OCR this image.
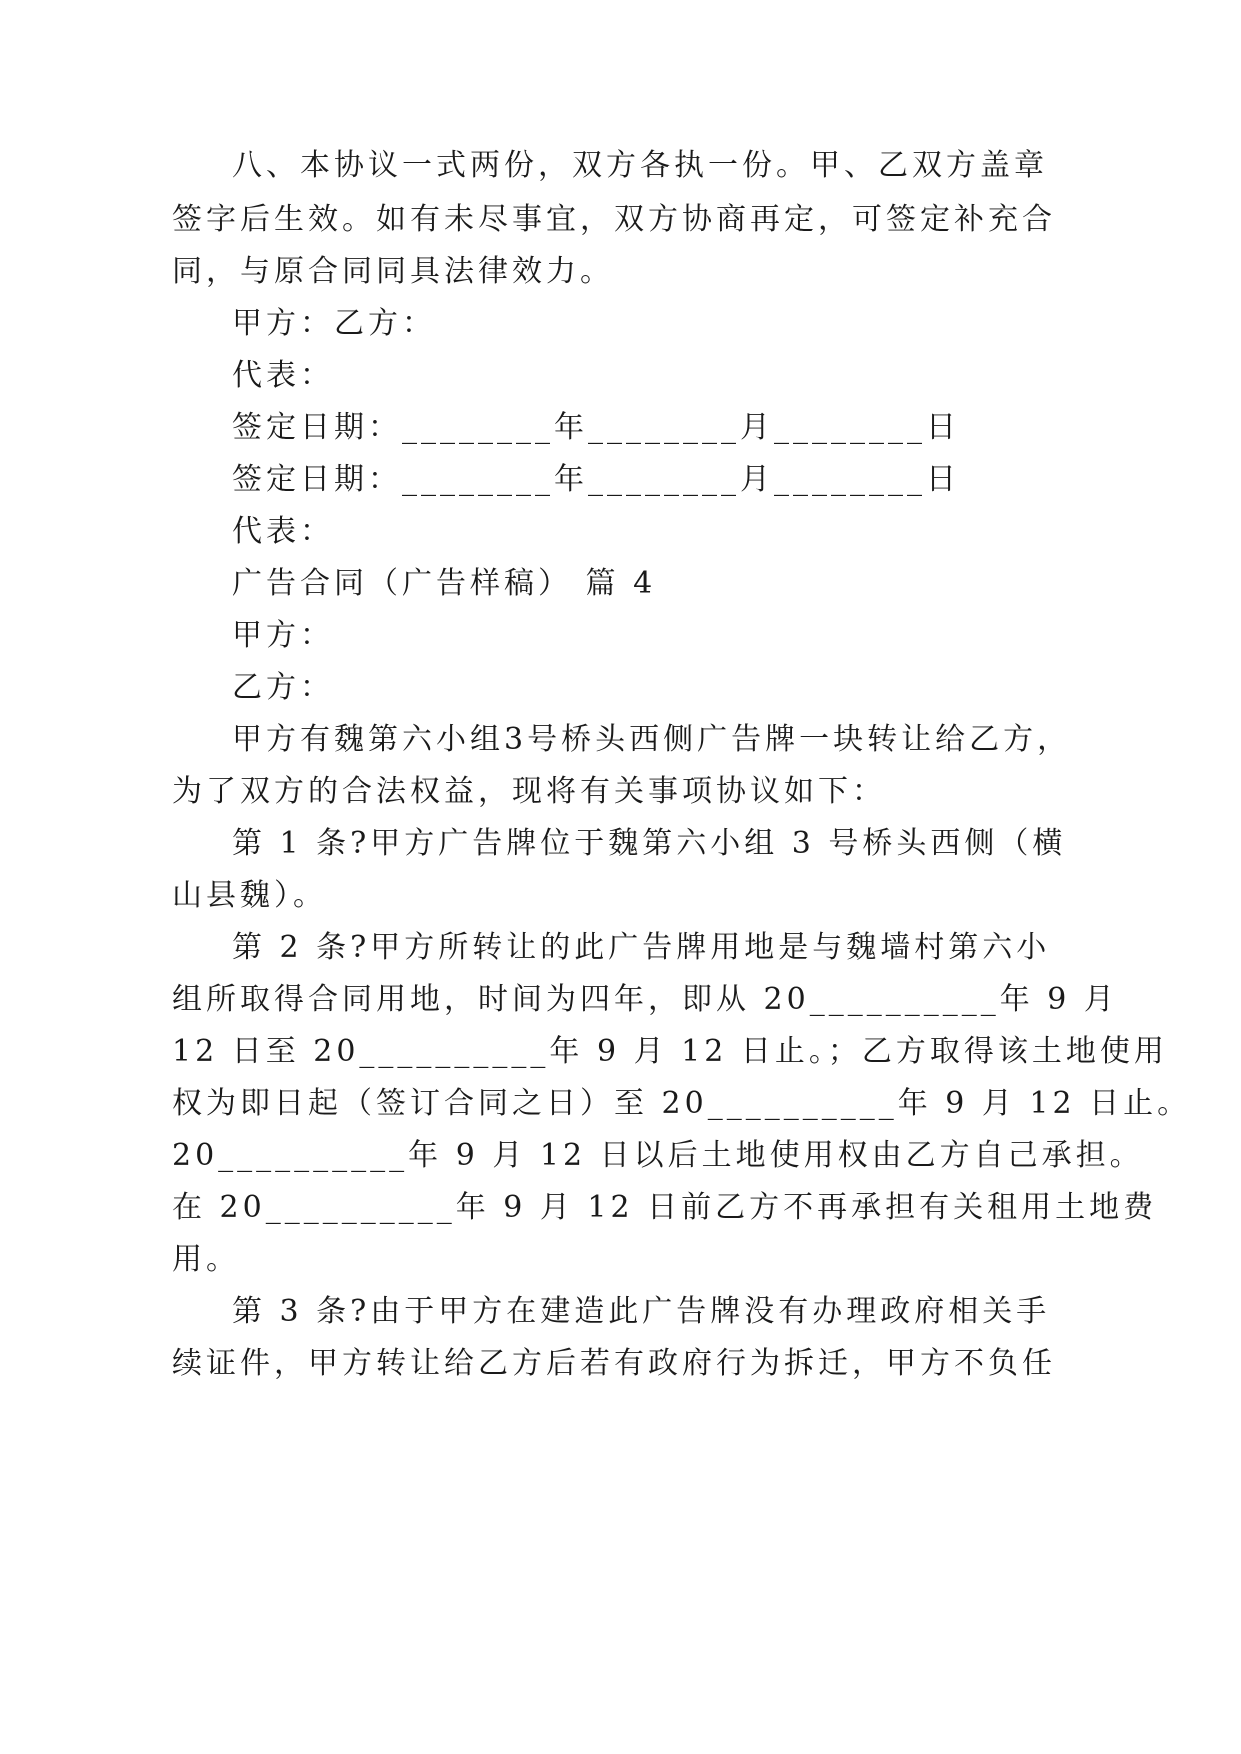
八、本协议一式两份，双方各执一份。甲、乙双方盖章
签字后生效。如有未尽事宜，双方协商再定，可签定补充合
同，与原合同同具法律效力。
甲方：乙方：
代表：
签定日期：________年________月________日
签定日期：________年________月________日
代表：
广告合同（广告样稿） 篇 4
甲方：
乙方：
甲方有魏第六小组3号桥头西侧广告牌一块转让给乙方，
为了双方的合法权益，现将有关事项协议如下：
第 1 条?甲方广告牌位于魏第六小组 3 号桥头西侧（横
山县魏）。
第 2 条?甲方所转让的此广告牌用地是与魏墙村第六小
组所取得合同用地，时间为四年，即从 20__________年 9 月
12 日至 20__________年 9 月 12 日止。；乙方取得该土地使用
权为即日起（签订合同之日）至 20__________年 9 月 12 日止。
20__________年 9 月 12 日以后土地使用权由乙方自己承担。
在 20__________年 9 月 12 日前乙方不再承担有关租用土地费
用。
第 3 条?由于甲方在建造此广告牌没有办理政府相关手
续证件，甲方转让给乙方后若有政府行为拆迁，甲方不负任
